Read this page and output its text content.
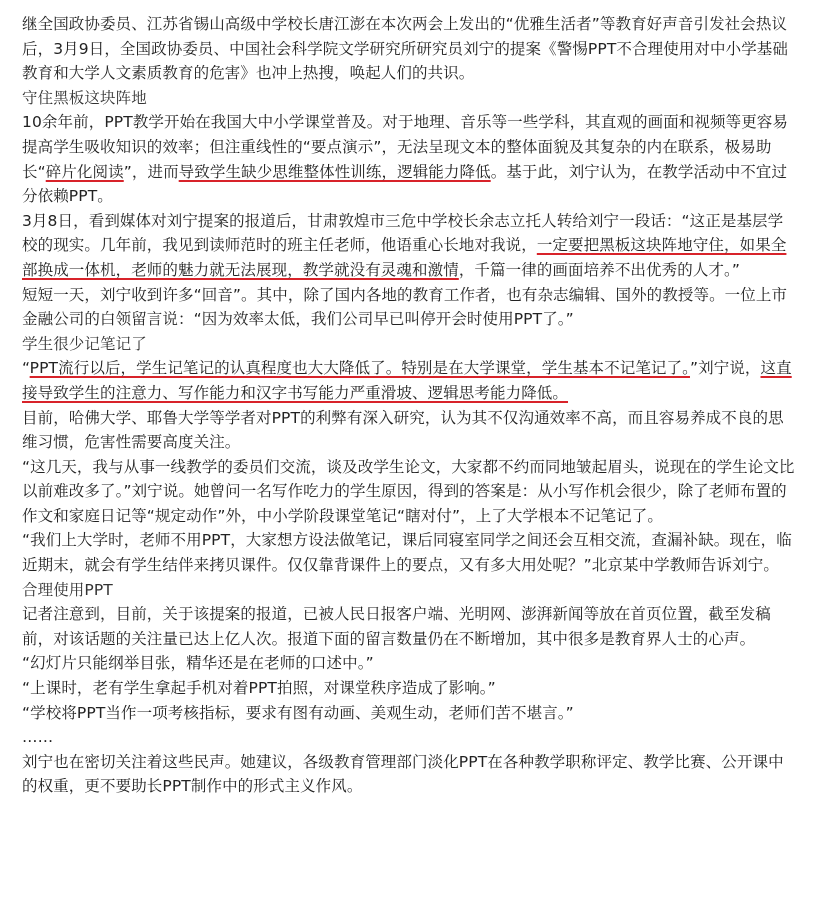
继全国政协委员、江苏省锡山高级中学校长唐江澎在本次两会上发出的“优雅生活者”等教育好声音引发社会热议后，3月9日，全国政协委员、中国社会科学院文学研究所研究员刘宁的提案《警惕PPT不合理使用对中小学基础教育和大学人文素质教育的危害》也冲上热搜，唤起人们的共识。

守住黑板这块阵地

10余年前，PPT教学开始在我国大中小学课堂普及。对于地理、音乐等一些学科，其直观的画面和视频等更容易提高学生吸收知识的效率；但注重线性的“要点演示”，无法呈现文本的整体面貌及其复杂的内在联系，极易助长“碎片化阅读”，进而导致学生缺少思维整体性训练，逻辑能力降低。基于此，刘宁认为，在教学活动中不宜过分依赖PPT。

3月8日，看到媒体对刘宁提案的报道后，甘肃敦煌市三危中学校长余志立托人转给刘宁一段话：“这正是基层学校的现实。几年前，我见到读师范时的班主任老师，他语重心长地对我说，一定要把黑板这块阵地守住，如果全部换成一体机，老师的魅力就无法展现，教学就没有灵魂和激情，千篇一律的画面培养不出优秀的人才。”

短短一天，刘宁收到许多“回音”。其中，除了国内各地的教育工作者，也有杂志编辑、国外的教授等。一位上市金融公司的白领留言说：“因为效率太低，我们公司早已叫停开会时使用PPT了。”

学生很少记笔记了

“PPT流行以后，学生记笔记的认真程度也大大降低了。特别是在大学课堂，学生基本不记笔记了。”刘宁说，这直接导致学生的注意力、写作能力和汉字书写能力严重滑坡、逻辑思考能力降低。

目前，哈佛大学、耶鲁大学等学者对PPT的利弊有深入研究，认为其不仅沟通效率不高，而且容易养成不良的思维习惯，危害性需要高度关注。

“这几天，我与从事一线教学的委员们交流，谈及改学生论文，大家都不约而同地皱起眉头，说现在的学生论文比以前难改多了。”刘宁说。她曾问一名写作吃力的学生原因，得到的答案是：从小写作机会很少，除了老师布置的作文和家庭日记等“规定动作”外，中小学阶段课堂笔记“瞎对付”，上了大学根本不记笔记了。

“我们上大学时，老师不用PPT，大家想方设法做笔记，课后同寝室同学之间还会互相交流，查漏补缺。现在，临近期末，就会有学生结伴来拷贝课件。仅仅靠背课件上的要点，又有多大用处呢？”北京某中学教师告诉刘宁。

合理使用PPT

记者注意到，目前，关于该提案的报道，已被人民日报客户端、光明网、澎湃新闻等放在首页位置，截至发稿前，对该话题的关注量已达上亿人次。报道下面的留言数量仍在不断增加，其中很多是教育界人士的心声。

“幻灯片只能纲举目张，精华还是在老师的口述中。”

“上课时，老有学生拿起手机对着PPT拍照，对课堂秩序造成了影响。”

“学校将PPT当作一项考核指标，要求有图有动画、美观生动，老师们苦不堪言。”

……

刘宁也在密切关注着这些民声。她建议，各级教育管理部门淡化PPT在各种教学职称评定、教学比赛、公开课中的权重，更不要助长PPT制作中的形式主义作风。
